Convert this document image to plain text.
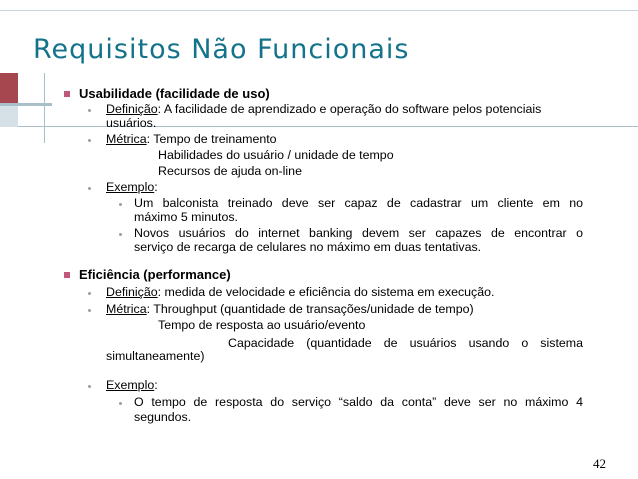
Requisitos Não Funcionais
Usabilidade (facilidade de uso)
Definição: A facilidade de aprendizado e operação do software pelos potenciais
usuários.
Métrica: Tempo de treinamento
Habilidades do usuário / unidade de tempo
Recursos de ajuda on-line
Exemplo:
Um balconista treinado deve ser capaz de cadastrar um cliente em no
máximo 5 minutos.
Novos usuários do internet banking devem ser capazes de encontrar o
serviço de recarga de celulares no máximo em duas tentativas.
Eficiência (performance)
Definição: medida de velocidade e eficiência do sistema em execução.
Métrica: Throughput (quantidade de transações/unidade de tempo)
Tempo de resposta ao usuário/evento
Capacidade (quantidade de usuários usando o sistema
simultaneamente)
Exemplo:
O tempo de resposta do serviço “saldo da conta” deve ser no máximo 4
segundos.
42
